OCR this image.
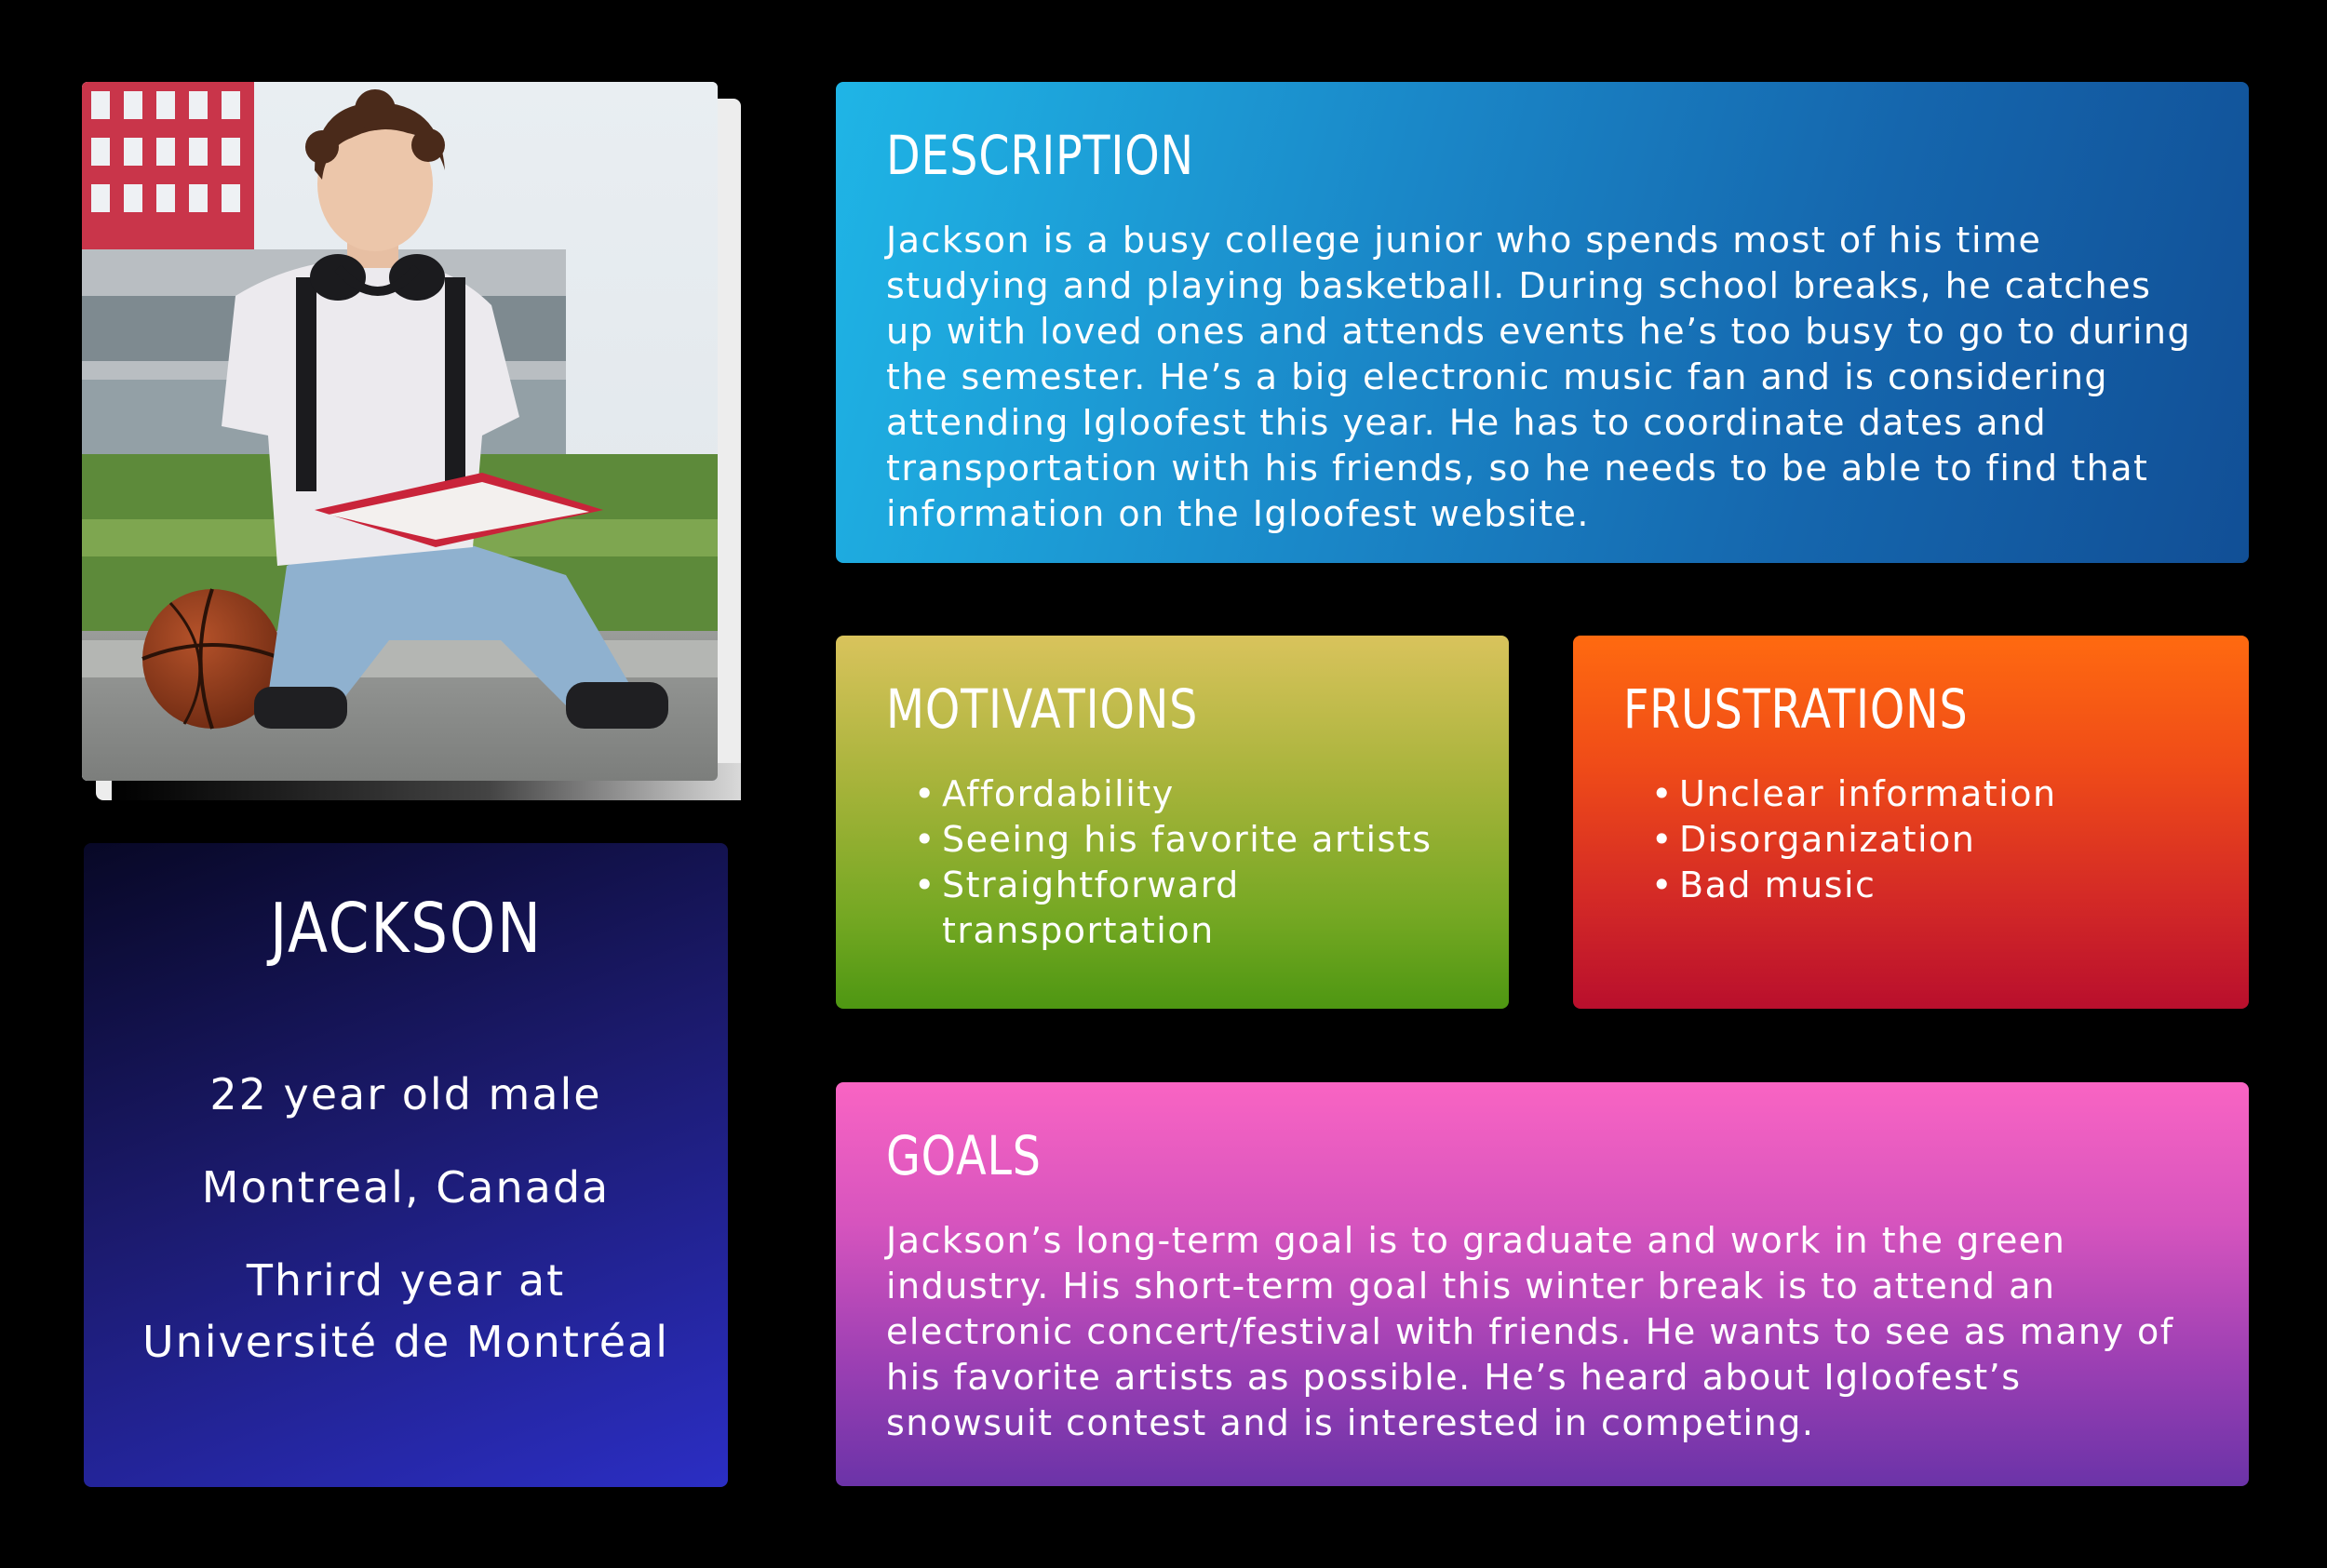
JACKSON
22 year old male
Montreal, Canada
Thrird year at
Université de Montréal
DESCRIPTION

Jackson is a busy college junior who spends most of his time studying and playing basketball. During school breaks, he catches up with loved ones and attends events he’s too busy to go to during the semester. He’s a big electronic music fan and is considering attending Igloofest this year. He has to coordinate dates and transportation with his friends, so he needs to be able to find that information on the Igloofest website.

MOTIVATIONS
• Affordability
• Seeing his favorite artists
• Straightforward transportation
FRUSTRATIONS
• Unclear information
• Disorganization
• Bad music
GOALS

Jackson’s long-term goal is to graduate and work in the green industry. His short-term goal this winter break is to attend an electronic concert/festival with friends. He wants to see as many of his favorite artists as possible. He’s heard about Igloofest’s snowsuit contest and is interested in competing.
